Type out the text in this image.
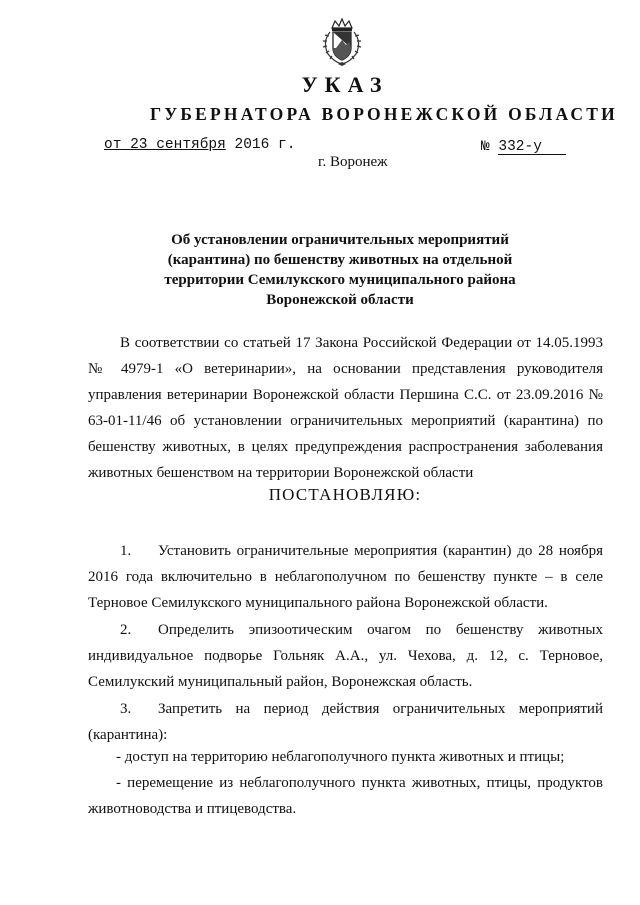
УКАЗ
ГУБЕРНАТОРА ВОРОНЕЖСКОЙ ОБЛАСТИ
от 23 сентября 2016 г.	№ 332-у
г. Воронеж
Об установлении ограничительных мероприятий (карантина) по бешенству животных на отдельной территории Семилукского муниципального района Воронежской области
В соответствии со статьей 17 Закона Российской Федерации от 14.05.1993 № 4979-1 «О ветеринарии», на основании представления руководителя управления ветеринарии Воронежской области Першина С.С. от 23.09.2016 № 63-01-11/46 об установлении ограничительных мероприятий (карантина) по бешенству животных, в целях предупреждения распространения заболевания животных бешенством на территории Воронежской области
ПОСТАНОВЛЯЮ:
1. Установить ограничительные мероприятия (карантин) до 28 ноября 2016 года включительно в неблагополучном по бешенству пункте – в селе Терновое Семилукского муниципального района Воронежской области.
2. Определить эпизоотическим очагом по бешенству животных индивидуальное подворье Гольняк А.А., ул. Чехова, д. 12, с. Терновое, Семилукский муниципальный район, Воронежская область.
3. Запретить на период действия ограничительных мероприятий (карантина):
- доступ на территорию неблагополучного пункта животных и птицы;
- перемещение из неблагополучного пункта животных, птицы, продуктов животноводства и птицеводства.
